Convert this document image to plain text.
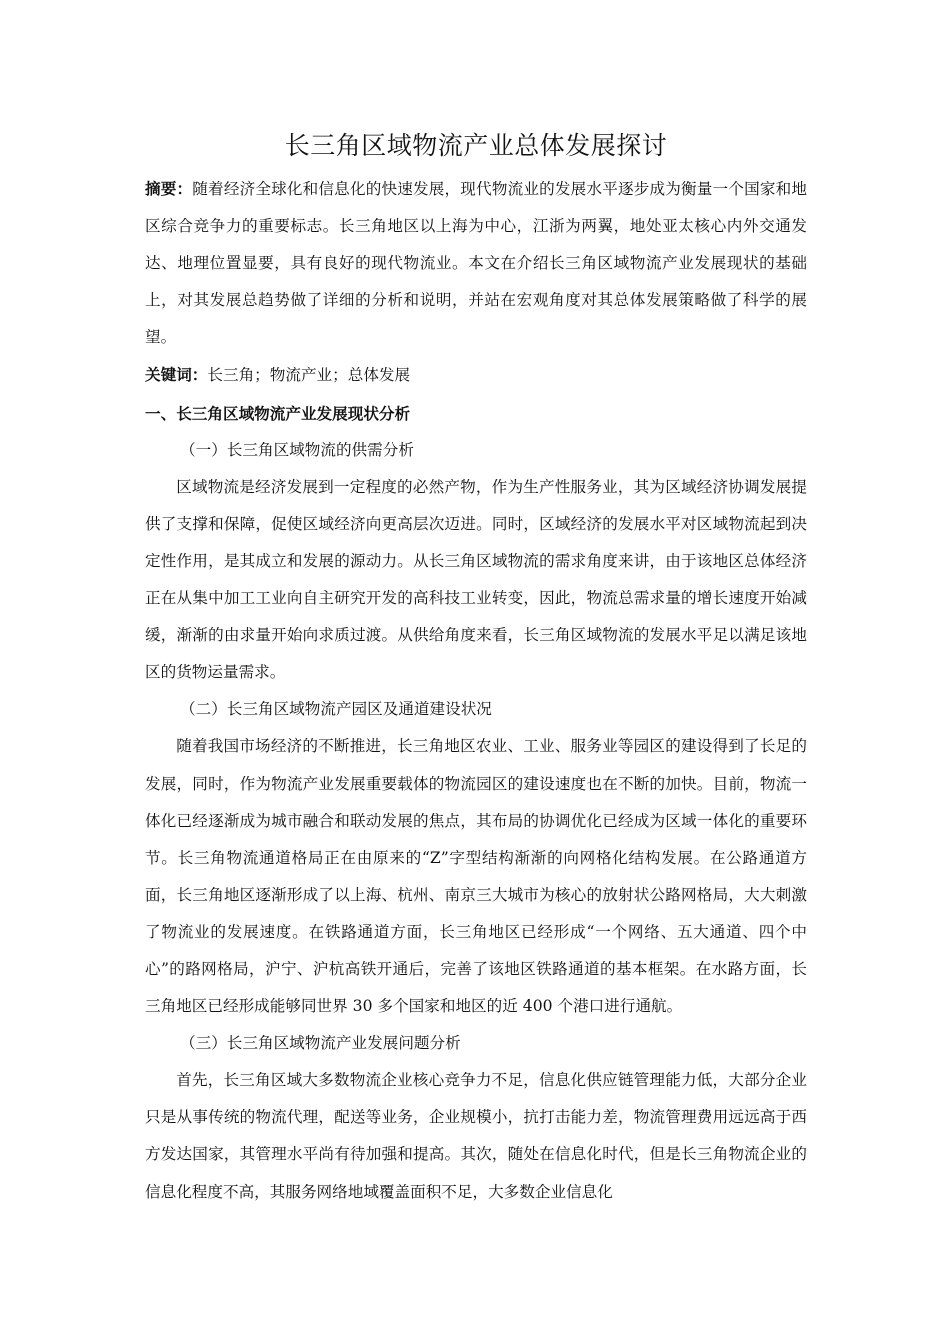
长三角区域物流产业总体发展探讨

摘要：随着经济全球化和信息化的快速发展，现代物流业的发展水平逐步成为衡量一个国家和地区综合竞争力的重要标志。长三角地区以上海为中心，江浙为两翼，地处亚太核心内外交通发达、地理位置显要，具有良好的现代物流业。本文在介绍长三角区域物流产业发展现状的基础上，对其发展总趋势做了详细的分析和说明，并站在宏观角度对其总体发展策略做了科学的展望。

关键词：长三角；物流产业；总体发展

一、长三角区域物流产业发展现状分析

（一）长三角区域物流的供需分析

区域物流是经济发展到一定程度的必然产物，作为生产性服务业，其为区域经济协调发展提供了支撑和保障，促使区域经济向更高层次迈进。同时，区域经济的发展水平对区域物流起到决定性作用，是其成立和发展的源动力。从长三角区域物流的需求角度来讲，由于该地区总体经济正在从集中加工工业向自主研究开发的高科技工业转变，因此，物流总需求量的增长速度开始减缓，渐渐的由求量开始向求质过渡。从供给角度来看，长三角区域物流的发展水平足以满足该地区的货物运量需求。

（二）长三角区域物流产园区及通道建设状况

随着我国市场经济的不断推进，长三角地区农业、工业、服务业等园区的建设得到了长足的发展，同时，作为物流产业发展重要载体的物流园区的建设速度也在不断的加快。目前，物流一体化已经逐渐成为城市融合和联动发展的焦点，其布局的协调优化已经成为区域一体化的重要环节。长三角物流通道格局正在由原来的“Z”字型结构渐渐的向网格化结构发展。在公路通道方面，长三角地区逐渐形成了以上海、杭州、南京三大城市为核心的放射状公路网格局，大大刺激了物流业的发展速度。在铁路通道方面，长三角地区已经形成“一个网络、五大通道、四个中心”的路网格局，沪宁、沪杭高铁开通后，完善了该地区铁路通道的基本框架。在水路方面，长三角地区已经形成能够同世界 30 多个国家和地区的近 400 个港口进行通航。

（三）长三角区域物流产业发展问题分析

首先，长三角区域大多数物流企业核心竞争力不足，信息化供应链管理能力低，大部分企业只是从事传统的物流代理，配送等业务，企业规模小，抗打击能力差，物流管理费用远远高于西方发达国家，其管理水平尚有待加强和提高。其次，随处在信息化时代，但是长三角物流企业的信息化程度不高，其服务网络地域覆盖面积不足，大多数企业信息化
